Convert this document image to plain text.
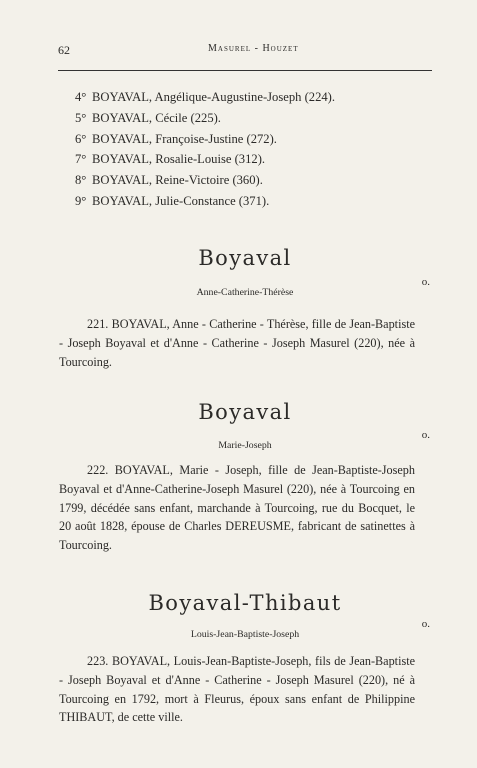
62	Masurel - Houzet
4° BOYAVAL, Angélique-Augustine-Joseph (224).
5° BOYAVAL, Cécile (225).
6° BOYAVAL, Françoise-Justine (272).
7° BOYAVAL, Rosalie-Louise (312).
8° BOYAVAL, Reine-Victoire (360).
9° BOYAVAL, Julie-Constance (371).
Boyaval
Anne-Catherine-Thérèse
o.

221. BOYAVAL, Anne - Catherine - Thérèse, fille de Jean-Baptiste - Joseph Boyaval et d'Anne - Catherine - Joseph Masurel (220), née à Tourcoing.

Boyaval
Marie-Joseph
o.

222. BOYAVAL, Marie - Joseph, fille de Jean-Baptiste-Joseph Boyaval et d'Anne-Catherine-Joseph Masurel (220), née à Tourcoing en 1799, décédée sans enfant, marchande à Tourcoing, rue du Bocquet, le 20 août 1828, épouse de Charles DEREUSME, fabricant de satinettes à Tourcoing.

Boyaval-Thibaut
Louis-Jean-Baptiste-Joseph
o.

223. BOYAVAL, Louis-Jean-Baptiste-Joseph, fils de Jean-Baptiste - Joseph Boyaval et d'Anne - Catherine - Joseph Masurel (220), né à Tourcoing en 1792, mort à Fleurus, époux sans enfant de Philippine THIBAUT, de cette ville.
